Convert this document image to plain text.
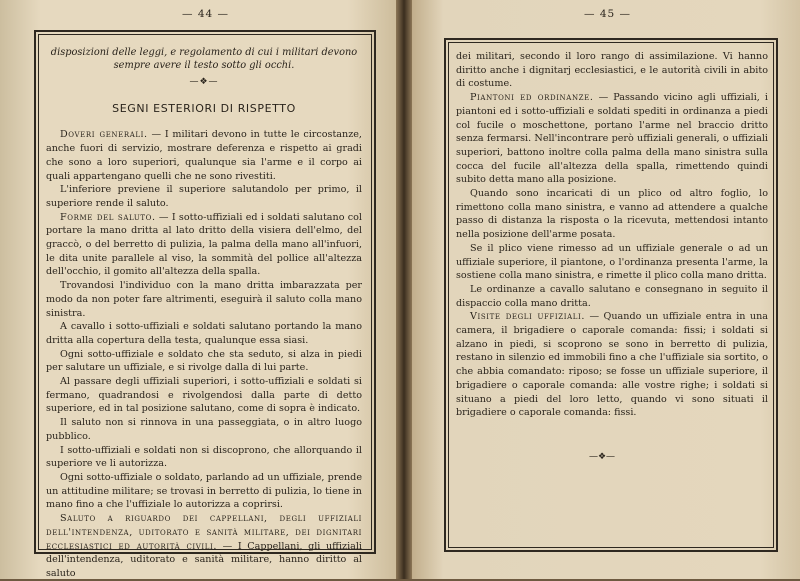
— 44 —
disposizioni delle leggi, e regolamento di cui i militari devono sempre avere il testo sotto gli occhi.
—❖—
SEGNI ESTERIORI DI RISPETTO

Doveri generali. — I militari devono in tutte le circostanze, anche fuori di servizio, mostrare deferenza e rispetto ai gradi che sono a loro superiori, qualunque sia l'arme e il corpo ai quali appartengano quelli che ne sono rivestiti.

L'inferiore previene il superiore salutandolo per primo, il superiore rende il saluto.

Forme del saluto. — I sotto-uffiziali ed i soldati salutano col portare la mano dritta al lato dritto della visiera dell'elmo, del graccò, o del berretto di pulizia, la palma della mano all'infuori, le dita unite parallele al viso, la sommità del pollice all'altezza dell'occhio, il gomito all'altezza della spalla.

Trovandosi l'individuo con la mano dritta imbarazzata per modo da non poter fare altrimenti, eseguirà il saluto colla mano sinistra.

A cavallo i sotto-uffiziali e soldati salutano portando la mano dritta alla copertura della testa, qualunque essa siasi.

Ogni sotto-uffiziale e soldato che sta seduto, si alza in piedi per salutare un uffiziale, e si rivolge dalla di lui parte.

Al passare degli uffiziali superiori, i sotto-uffiziali e soldati si fermano, quadrandosi e rivolgendosi dalla parte di detto superiore, ed in tal posizione salutano, come di sopra è indicato.

Il saluto non si rinnova in una passeggiata, o in altro luogo pubblico.

I sotto-uffiziali e soldati non si discoprono, che allorquando il superiore ve li autorizza.

Ogni sotto-uffiziale o soldato, parlando ad un uffiziale, prende un attitudine militare; se trovasi in berretto di pulizia, lo tiene in mano fino a che l'uffiziale lo autorizza a coprirsi.

Saluto a riguardo dei cappellani, degli uffiziali dell'intendenza, uditorato e sanità militare, dei dignitari ecclesiastici ed autorità civili. — I Cappellani, gli uffiziali dell'intendenza, uditorato e sanità militare, hanno diritto al saluto

— 45 —

dei militari, secondo il loro rango di assimilazione. Vi hanno diritto anche i dignitarj ecclesiastici, e le autorità civili in abito di costume.

Piantoni ed ordinanze. — Passando vicino agli uffiziali, i piantoni ed i sotto-uffiziali e soldati spediti in ordinanza a piedi col fucile o moschettone, portano l'arme nel braccio dritto senza fermarsi. Nell'incontrare però uffiziali generali, o uffiziali superiori, battono inoltre colla palma della mano sinistra sulla cocca del fucile all'altezza della spalla, rimettendo quindi subito detta mano alla posizione.

Quando sono incaricati di un plico od altro foglio, lo rimettono colla mano sinistra, e vanno ad attendere a qualche passo di distanza la risposta o la ricevuta, mettendosi intanto nella posizione dell'arme posata.

Se il plico viene rimesso ad un uffiziale generale o ad un uffiziale superiore, il piantone, o l'ordinanza presenta l'arme, la sostiene colla mano sinistra, e rimette il plico colla mano dritta.

Le ordinanze a cavallo salutano e consegnano in seguito il dispaccio colla mano dritta.

Visite degli uffiziali. — Quando un uffiziale entra in una camera, il brigadiere o caporale comanda: fissi; i soldati si alzano in piedi, si scoprono se sono in berretto di pulizia, restano in silenzio ed immobili fino a che l'uffiziale sia sortito, o che abbia comandato: riposo; se fosse un uffiziale superiore, il brigadiere o caporale comanda: alle vostre righe; i soldati si situano a piedi del loro letto, quando vi sono situati il brigadiere o caporale comanda: fissi.

—❖—
